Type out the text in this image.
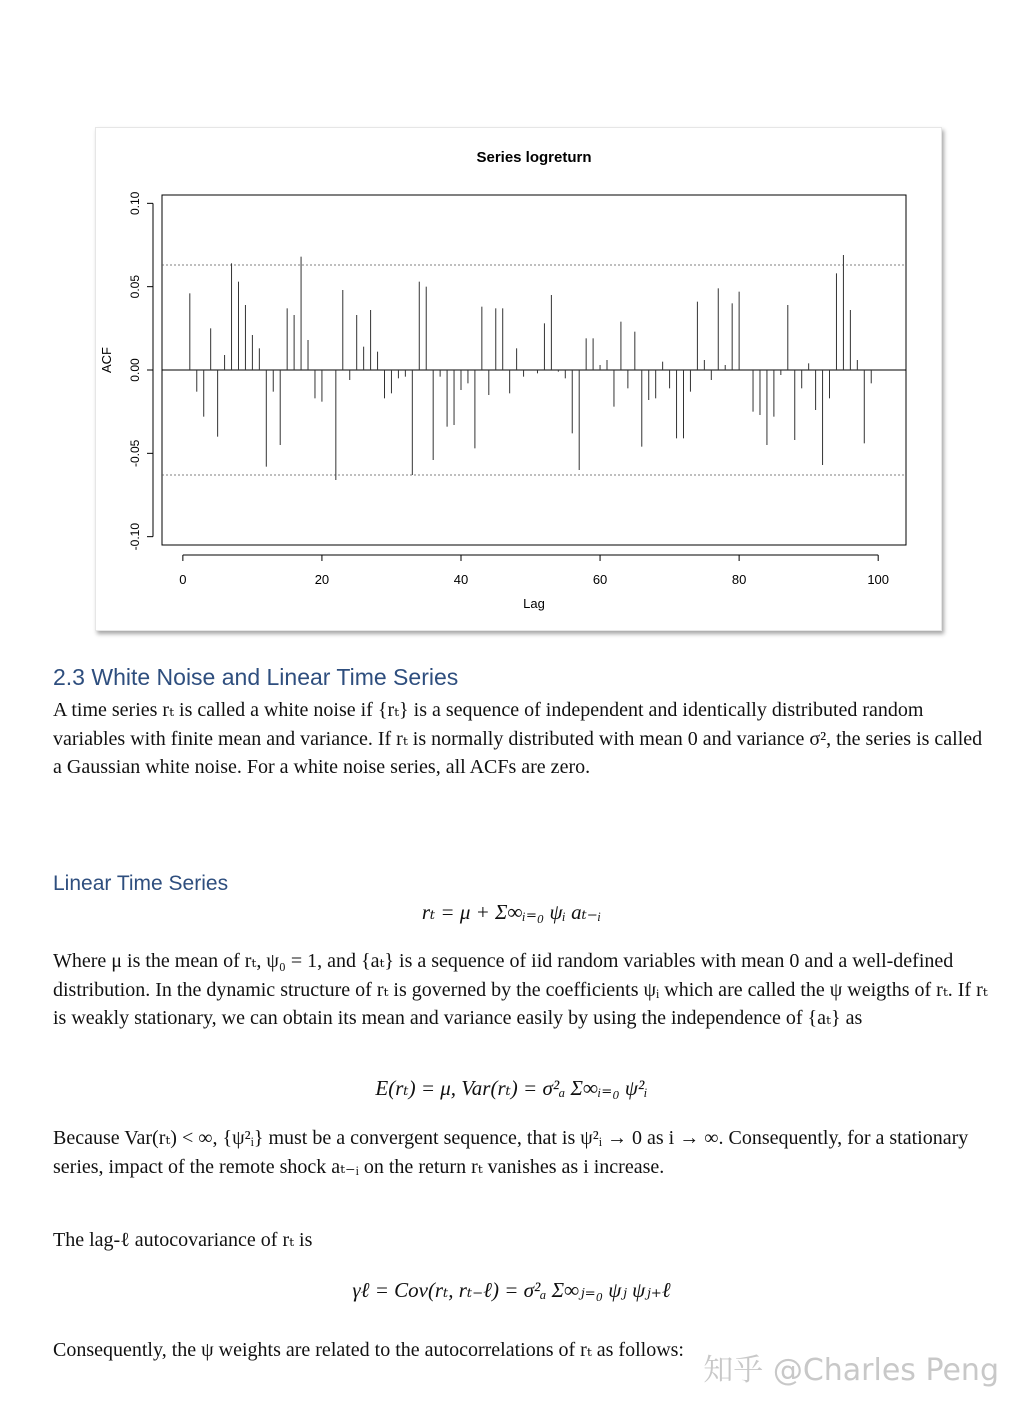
Series logreturn
0	20	40	60	80	100
Lag
-0.10
-0.05
0.00
0.05
0.10
ACF
2.3 White Noise and Linear Time Series

A time series rₜ is called a white noise if {rₜ} is a sequence of independent and identically distributed random variables with finite mean and variance. If rₜ is normally distributed with mean 0 and variance σ², the series is called a Gaussian white noise. For a white noise series, all ACFs are zero.

Linear Time Series

rₜ = μ + Σ∞ᵢ₌₀ ψᵢ aₜ₋ᵢ

Where μ is the mean of rₜ, ψ₀ = 1, and {aₜ} is a sequence of iid random variables with mean 0 and a well-defined distribution. In the dynamic structure of rₜ is governed by the coefficients ψᵢ which are called the ψ weigths of rₜ. If rₜ is weakly stationary, we can obtain its mean and variance easily by using the independence of {aₜ} as

E(rₜ) = μ, Var(rₜ) = σ²ₐ Σ∞ᵢ₌₀ ψ²ᵢ

Because Var(rₜ) < ∞, {ψ²ᵢ} must be a convergent sequence, that is ψ²ᵢ → 0 as i → ∞. Consequently, for a stationary series, impact of the remote shock aₜ₋ᵢ on the return rₜ vanishes as i increase.

The lag-ℓ autocovariance of rₜ is

γℓ = Cov(rₜ, rₜ₋ℓ) = σ²ₐ Σ∞ⱼ₌₀ ψⱼ ψⱼ₊ℓ

Consequently, the ψ weights are related to the autocorrelations of rₜ as follows:

知乎 @Charles Peng
